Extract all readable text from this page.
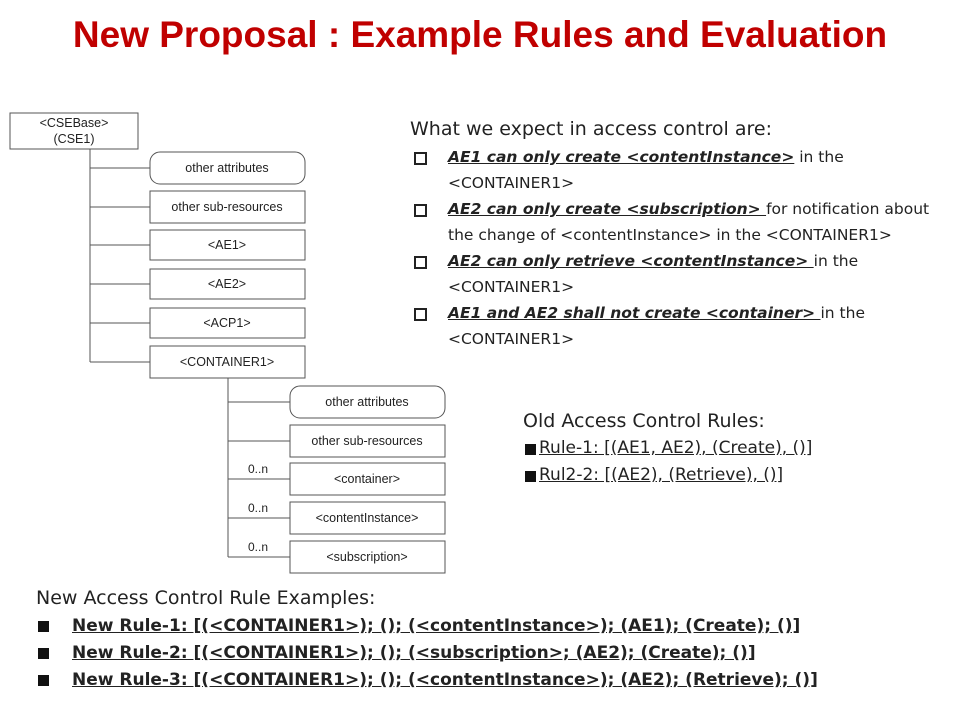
New Proposal : Example Rules and Evaluation
<CSEBase>
(CSE1)
other attributes
other sub-resources
<AE1>
<AE2>
<ACP1>
<CONTAINER1>
other attributes
other sub-resources
<container>
0..n
<contentInstance>
0..n
<subscription>
0..n
What we expect in access control are:
AE1 can only create <contentInstance> in the <CONTAINER1>
AE2 can only create <subscription> for notification about the change of <contentInstance> in the <CONTAINER1>
AE2 can only retrieve <contentInstance> in the <CONTAINER1>
AE1 and AE2 shall not create <container> in the <CONTAINER1>
Old Access Control Rules:
Rule-1: [(AE1, AE2), (Create), ()]
Rul2-2: [(AE2), (Retrieve), ()]
New Access Control Rule Examples:
New Rule-1: [(<CONTAINER1>); (); (<contentInstance>); (AE1); (Create); ()]
New Rule-2: [(<CONTAINER1>); (); (<subscription>; (AE2); (Create); ()]
New Rule-3: [(<CONTAINER1>); (); (<contentInstance>); (AE2); (Retrieve); ()]
